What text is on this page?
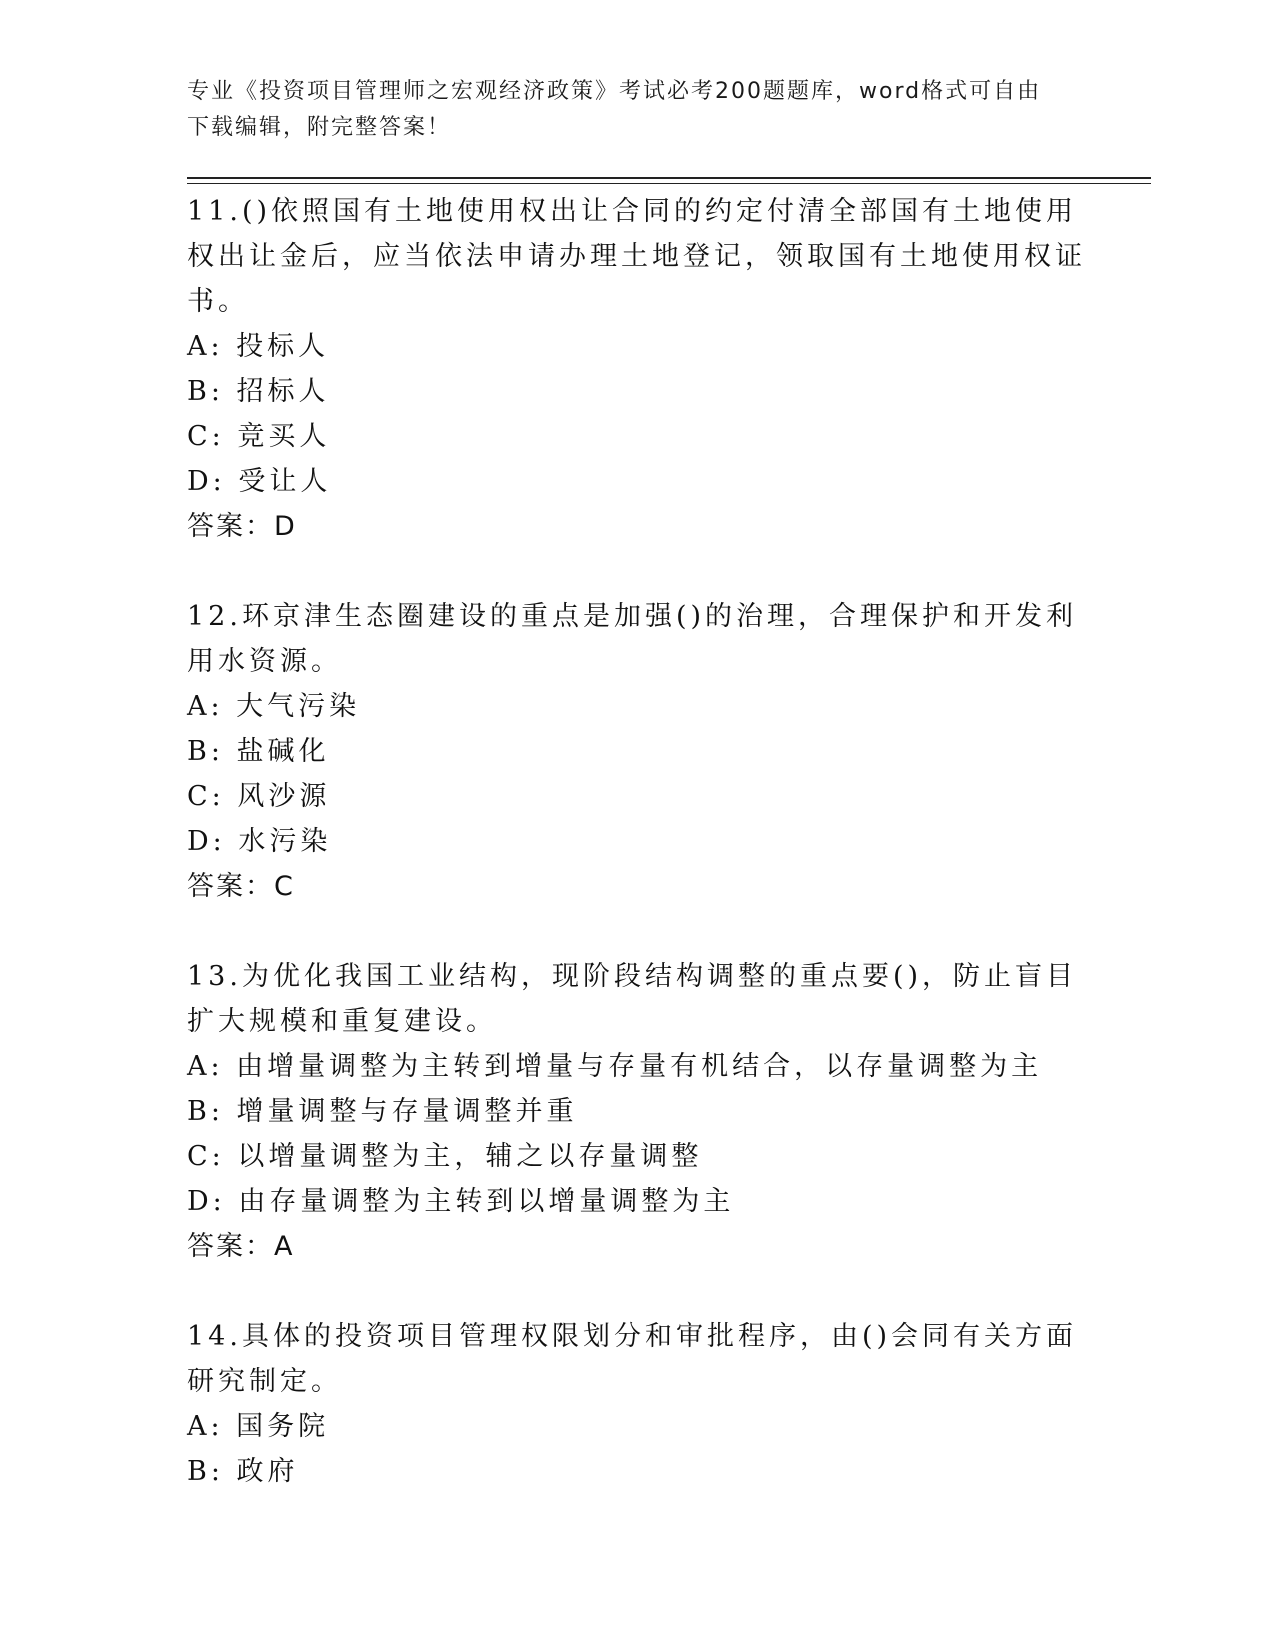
专业《投资项目管理师之宏观经济政策》考试必考200题题库，word格式可自由
下载编辑，附完整答案！

11.()依照国有土地使用权出让合同的约定付清全部国有土地使用权出让金后，应当依法申请办理土地登记，领取国有土地使用权证书。

A: 投标人

B: 招标人

C: 竞买人

D: 受让人

答案：D

12.环京津生态圈建设的重点是加强()的治理，合理保护和开发利用水资源。

A: 大气污染

B: 盐碱化

C: 风沙源

D: 水污染

答案：C

13.为优化我国工业结构，现阶段结构调整的重点要()，防止盲目扩大规模和重复建设。

A: 由增量调整为主转到增量与存量有机结合，以存量调整为主

B: 增量调整与存量调整并重

C: 以增量调整为主，辅之以存量调整

D: 由存量调整为主转到以增量调整为主

答案：A

14.具体的投资项目管理权限划分和审批程序，由()会同有关方面研究制定。

A: 国务院

B: 政府
